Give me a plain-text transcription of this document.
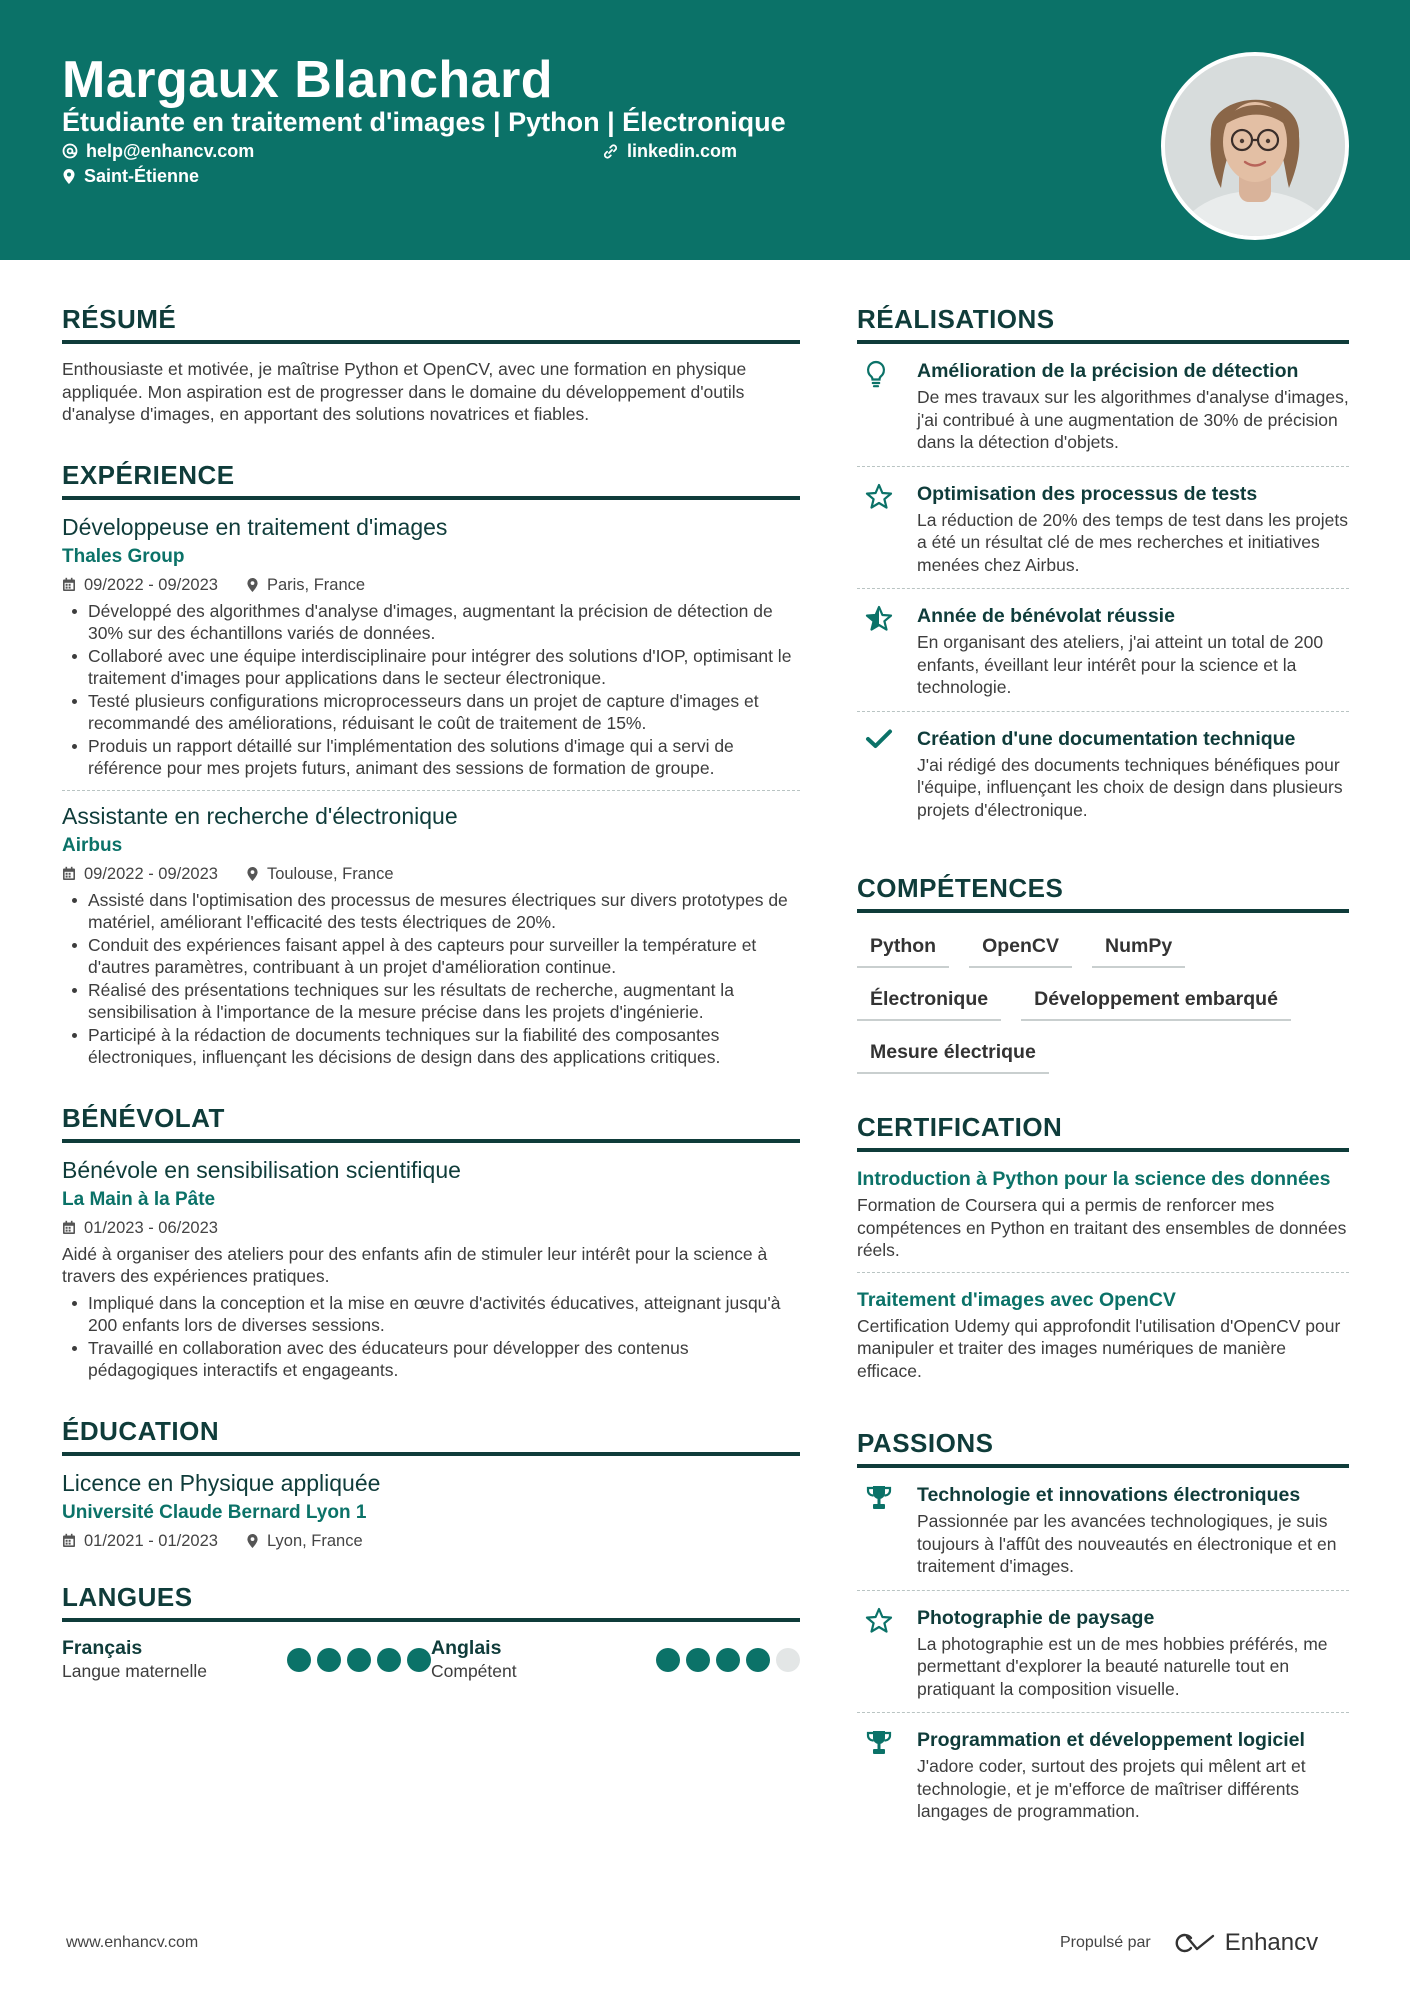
Margaux Blanchard
Étudiante en traitement d'images | Python | Électronique
help@enhancv.com	linkedin.com
Saint-Étienne
RÉSUMÉ
Enthousiaste et motivée, je maîtrise Python et OpenCV, avec une formation en physique appliquée. Mon aspiration est de progresser dans le domaine du développement d'outils d'analyse d'images, en apportant des solutions novatrices et fiables.
EXPÉRIENCE
Développeuse en traitement d'images
Thales Group
09/2022 - 09/2023	Paris, France
Développé des algorithmes d'analyse d'images, augmentant la précision de détection de 30% sur des échantillons variés de données.
Collaboré avec une équipe interdisciplinaire pour intégrer des solutions d'IOP, optimisant le traitement d'images pour applications dans le secteur électronique.
Testé plusieurs configurations microprocesseurs dans un projet de capture d'images et recommandé des améliorations, réduisant le coût de traitement de 15%.
Produis un rapport détaillé sur l'implémentation des solutions d'image qui a servi de référence pour mes projets futurs, animant des sessions de formation de groupe.
Assistante en recherche d'électronique
Airbus
09/2022 - 09/2023	Toulouse, France
Assisté dans l'optimisation des processus de mesures électriques sur divers prototypes de matériel, améliorant l'efficacité des tests électriques de 20%.
Conduit des expériences faisant appel à des capteurs pour surveiller la température et d'autres paramètres, contribuant à un projet d'amélioration continue.
Réalisé des présentations techniques sur les résultats de recherche, augmentant la sensibilisation à l'importance de la mesure précise dans les projets d'ingénierie.
Participé à la rédaction de documents techniques sur la fiabilité des composantes électroniques, influençant les décisions de design dans des applications critiques.
BÉNÉVOLAT
Bénévole en sensibilisation scientifique
La Main à la Pâte
01/2023 - 06/2023
Aidé à organiser des ateliers pour des enfants afin de stimuler leur intérêt pour la science à travers des expériences pratiques.
Impliqué dans la conception et la mise en œuvre d'activités éducatives, atteignant jusqu'à 200 enfants lors de diverses sessions.
Travaillé en collaboration avec des éducateurs pour développer des contenus pédagogiques interactifs et engageants.
ÉDUCATION
Licence en Physique appliquée
Université Claude Bernard Lyon 1
01/2021 - 01/2023	Lyon, France
LANGUES
Français
Langue maternelle
Anglais
Compétent
RÉALISATIONS
Amélioration de la précision de détection
De mes travaux sur les algorithmes d'analyse d'images, j'ai contribué à une augmentation de 30% de précision dans la détection d'objets.
Optimisation des processus de tests
La réduction de 20% des temps de test dans les projets a été un résultat clé de mes recherches et initiatives menées chez Airbus.
Année de bénévolat réussie
En organisant des ateliers, j'ai atteint un total de 200 enfants, éveillant leur intérêt pour la science et la technologie.
Création d'une documentation technique
J'ai rédigé des documents techniques bénéfiques pour l'équipe, influençant les choix de design dans plusieurs projets d'électronique.
COMPÉTENCES
Python	OpenCV	NumPy
Électronique	Développement embarqué
Mesure électrique
CERTIFICATION
Introduction à Python pour la science des données
Formation de Coursera qui a permis de renforcer mes compétences en Python en traitant des ensembles de données réels.
Traitement d'images avec OpenCV
Certification Udemy qui approfondit l'utilisation d'OpenCV pour manipuler et traiter des images numériques de manière efficace.
PASSIONS
Technologie et innovations électroniques
Passionnée par les avancées technologiques, je suis toujours à l'affût des nouveautés en électronique et en traitement d'images.
Photographie de paysage
La photographie est un de mes hobbies préférés, me permettant d'explorer la beauté naturelle tout en pratiquant la composition visuelle.
Programmation et développement logiciel
J'adore coder, surtout des projets qui mêlent art et technologie, et je m'efforce de maîtriser différents langages de programmation.
www.enhancv.com	Propulsé par	Enhancv
